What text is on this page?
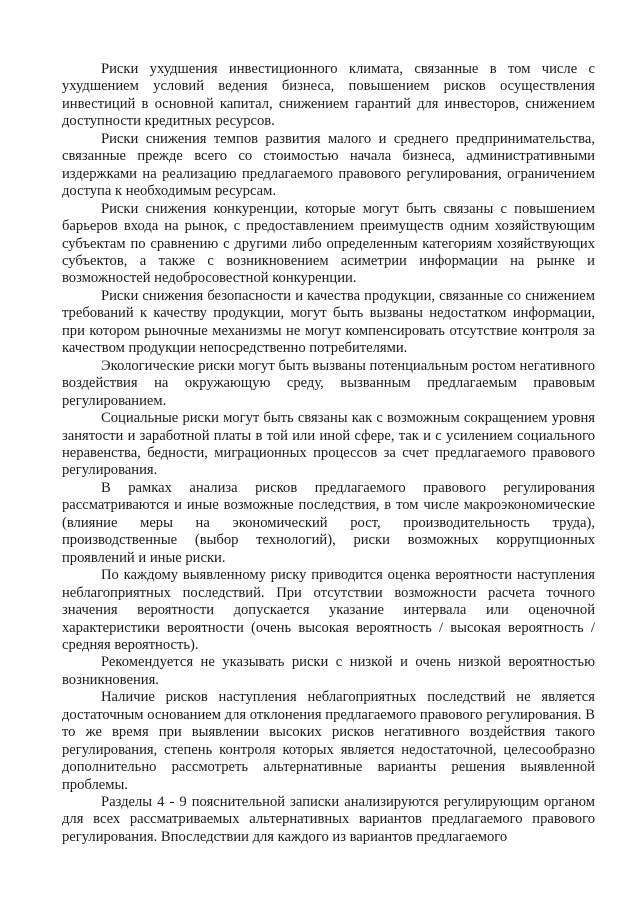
Риски ухудшения инвестиционного климата, связанные в том числе с ухудшением условий ведения бизнеса, повышением рисков осуществления инвестиций в основной капитал, снижением гарантий для инвесторов, снижением доступности кредитных ресурсов.

Риски снижения темпов развития малого и среднего предпринимательства, связанные прежде всего со стоимостью начала бизнеса, административными издержками на реализацию предлагаемого правового регулирования, ограничением доступа к необходимым ресурсам.

Риски снижения конкуренции, которые могут быть связаны с повышением барьеров входа на рынок, с предоставлением преимуществ одним хозяйствующим субъектам по сравнению с другими либо определенным категориям хозяйствующих субъектов, а также с возникновением асиметрии информации на рынке и возможностей недобросовестной конкуренции.

Риски снижения безопасности и качества продукции, связанные со снижением требований к качеству продукции, могут быть вызваны недостатком информации, при котором рыночные механизмы не могут компенсировать отсутствие контроля за качеством продукции непосредственно потребителями.

Экологические риски могут быть вызваны потенциальным ростом негативного воздействия на окружающую среду, вызванным предлагаемым правовым регулированием.

Социальные риски могут быть связаны как с возможным сокращением уровня занятости и заработной платы в той или иной сфере, так и с усилением социального неравенства, бедности, миграционных процессов за счет предлагаемого правового регулирования.

В рамках анализа рисков предлагаемого правового регулирования рассматриваются и иные возможные последствия, в том числе макроэкономические (влияние меры на экономический рост, производительность труда), производственные (выбор технологий), риски возможных коррупционных проявлений и иные риски.

По каждому выявленному риску приводится оценка вероятности наступления неблагоприятных последствий. При отсутствии возможности расчета точного значения вероятности допускается указание интервала или оценочной характеристики вероятности (очень высокая вероятность / высокая вероятность / средняя вероятность).

Рекомендуется не указывать риски с низкой и очень низкой вероятностью возникновения.

Наличие рисков наступления неблагоприятных последствий не является достаточным основанием для отклонения предлагаемого правового регулирования. В то же время при выявлении высоких рисков негативного воздействия такого регулирования, степень контроля которых является недостаточной, целесообразно дополнительно рассмотреть альтернативные варианты решения выявленной проблемы.

Разделы 4 - 9 пояснительной записки анализируются регулирующим органом для всех рассматриваемых альтернативных вариантов предлагаемого правового регулирования. Впоследствии для каждого из вариантов предлагаемого
